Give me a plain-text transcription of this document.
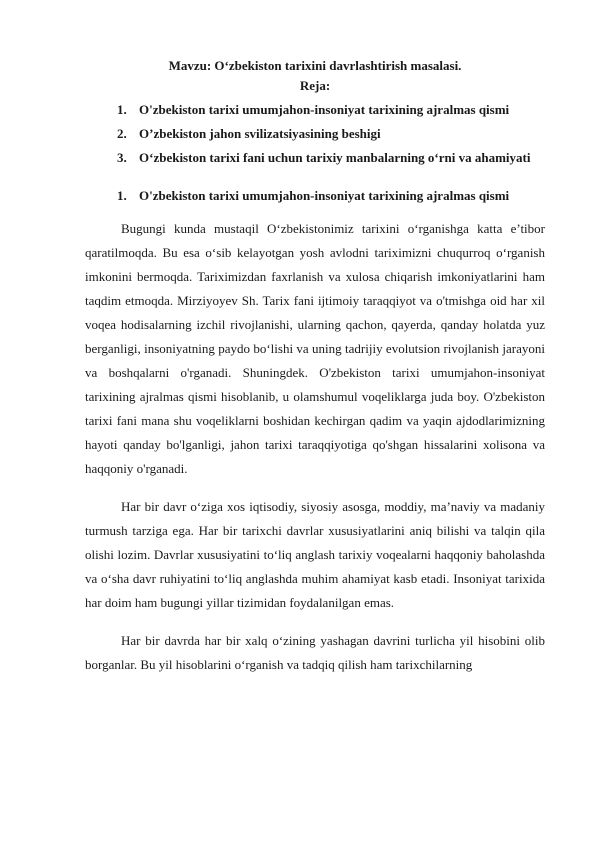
Mavzu: O‘zbekiston tarixini davrlashtirish masalasi.

Reja:

1. O'zbekiston tarixi umumjahon-insoniyat tarixining ajralmas qismi
2. O’zbekiston jahon svilizatsiyasining beshigi
3. O‘zbekiston tarixi fani uchun tarixiy manbalarning o‘rni va ahamiyati
1. O'zbekiston tarixi umumjahon-insoniyat tarixining ajralmas qismi

Bugungi kunda mustaqil O‘zbekistonimiz tarixini o‘rganishga katta e’tibor qaratilmoqda. Bu esa o‘sib kelayotgan yosh avlodni tariximizni chuqurroq o‘rganish imkonini bermoqda. Tariximizdan faxrlanish va xulosa chiqarish imkoniyatlarini ham taqdim etmoqda. Mirziyoyev Sh. Tarix fani ijtimoiy taraqqiyot va o'tmishga oid har xil voqea hodisalarning izchil rivojlanishi, ularning qachon, qayerda, qanday holatda yuz berganligi, insoniyatning paydo bo‘lishi va uning tadrijiy evolutsion rivojlanish jarayoni va boshqalarni o'rganadi. Shuningdek. O'zbekiston tarixi umumjahon-insoniyat tarixining ajralmas qismi hisoblanib, u olamshumul voqeliklarga juda boy. O'zbekiston tarixi fani mana shu voqeliklarni boshidan kechirgan qadim va yaqin ajdodlarimizning hayoti qanday bo'lganligi, jahon tarixi taraqqiyotiga qo'shgan hissalarini xolisona va haqqoniy o'rganadi.

Har bir davr o‘ziga xos iqtisodiy, siyosiy asosga, moddiy, ma’naviy va madaniy turmush tarziga ega. Har bir tarixchi davrlar xususiyatlarini aniq bilishi va talqin qila olishi lozim. Davrlar xususiyatini to‘liq anglash tarixiy voqealarni haqqoniy baholashda va o‘sha davr ruhiyatini to‘liq anglashda muhim ahamiyat kasb etadi. Insoniyat tarixida har doim ham bugungi yillar tizimidan foydalanilgan emas.

Har bir davrda har bir xalq o‘zining yashagan davrini turlicha yil hisobini olib borganlar. Bu yil hisoblarini o‘rganish va tadqiq qilish ham tarixchilarning
